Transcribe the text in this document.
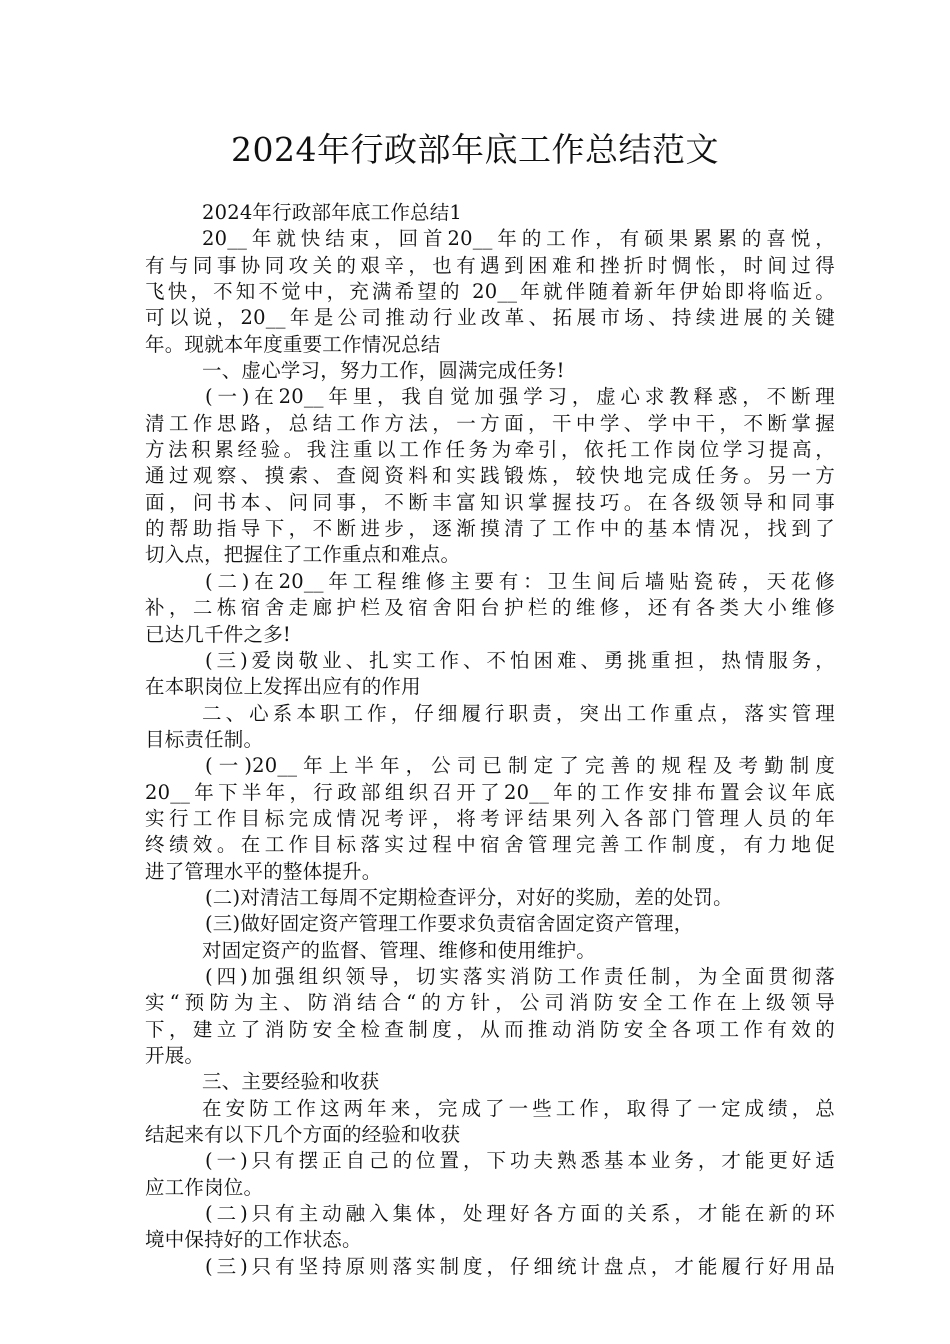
2024年行政部年底工作总结范文
2024年行政部年底工作总结1
20__年就快结束，回首20__年的工作，有硕果累累的喜悦，
有与同事协同攻关的艰辛，也有遇到困难和挫折时惆怅，时间过得
飞快，不知不觉中，充满希望的 20__年就伴随着新年伊始即将临近。
可以说，20__年是公司推动行业改革、拓展市场、持续进展的关键
年。现就本年度重要工作情况总结
一、虚心学习，努力工作，圆满完成任务!
(一)在20__年里，我自觉加强学习，虚心求教释惑，不断理
清工作思路，总结工作方法，一方面，干中学、学中干，不断掌握
方法积累经验。我注重以工作任务为牵引，依托工作岗位学习提高，
通过观察、摸索、查阅资料和实践锻炼，较快地完成任务。另一方
面，问书本、问同事，不断丰富知识掌握技巧。在各级领导和同事
的帮助指导下，不断进步，逐渐摸清了工作中的基本情况，找到了
切入点，把握住了工作重点和难点。
(二)在20__年工程维修主要有：卫生间后墙贴瓷砖，天花修
补，二栋宿舍走廊护栏及宿舍阳台护栏的维修，还有各类大小维修
已达几千件之多!
(三)爱岗敬业、扎实工作、不怕困难、勇挑重担，热情服务，
在本职岗位上发挥出应有的作用
二、心系本职工作，仔细履行职责，突出工作重点，落实管理
目标责任制。
(一)20__年上半年，公司已制定了完善的规程及考勤制度
20__年下半年，行政部组织召开了20__年的工作安排布置会议年底
实行工作目标完成情况考评，将考评结果列入各部门管理人员的年
终绩效。在工作目标落实过程中宿舍管理完善工作制度，有力地促
进了管理水平的整体提升。
(二)对清洁工每周不定期检查评分，对好的奖励，差的处罚。
(三)做好固定资产管理工作要求负责宿舍固定资产管理，
对固定资产的监督、管理、维修和使用维护。
(四)加强组织领导，切实落实消防工作责任制，为全面贯彻落
实“预防为主、防消结合“的方针，公司消防安全工作在上级领导
下，建立了消防安全检查制度，从而推动消防安全各项工作有效的
开展。
三、主要经验和收获
在安防工作这两年来，完成了一些工作，取得了一定成绩，总
结起来有以下几个方面的经验和收获
(一)只有摆正自己的位置，下功夫熟悉基本业务，才能更好适
应工作岗位。
(二)只有主动融入集体，处理好各方面的关系，才能在新的环
境中保持好的工作状态。
(三)只有坚持原则落实制度，仔细统计盘点，才能履行好用品
